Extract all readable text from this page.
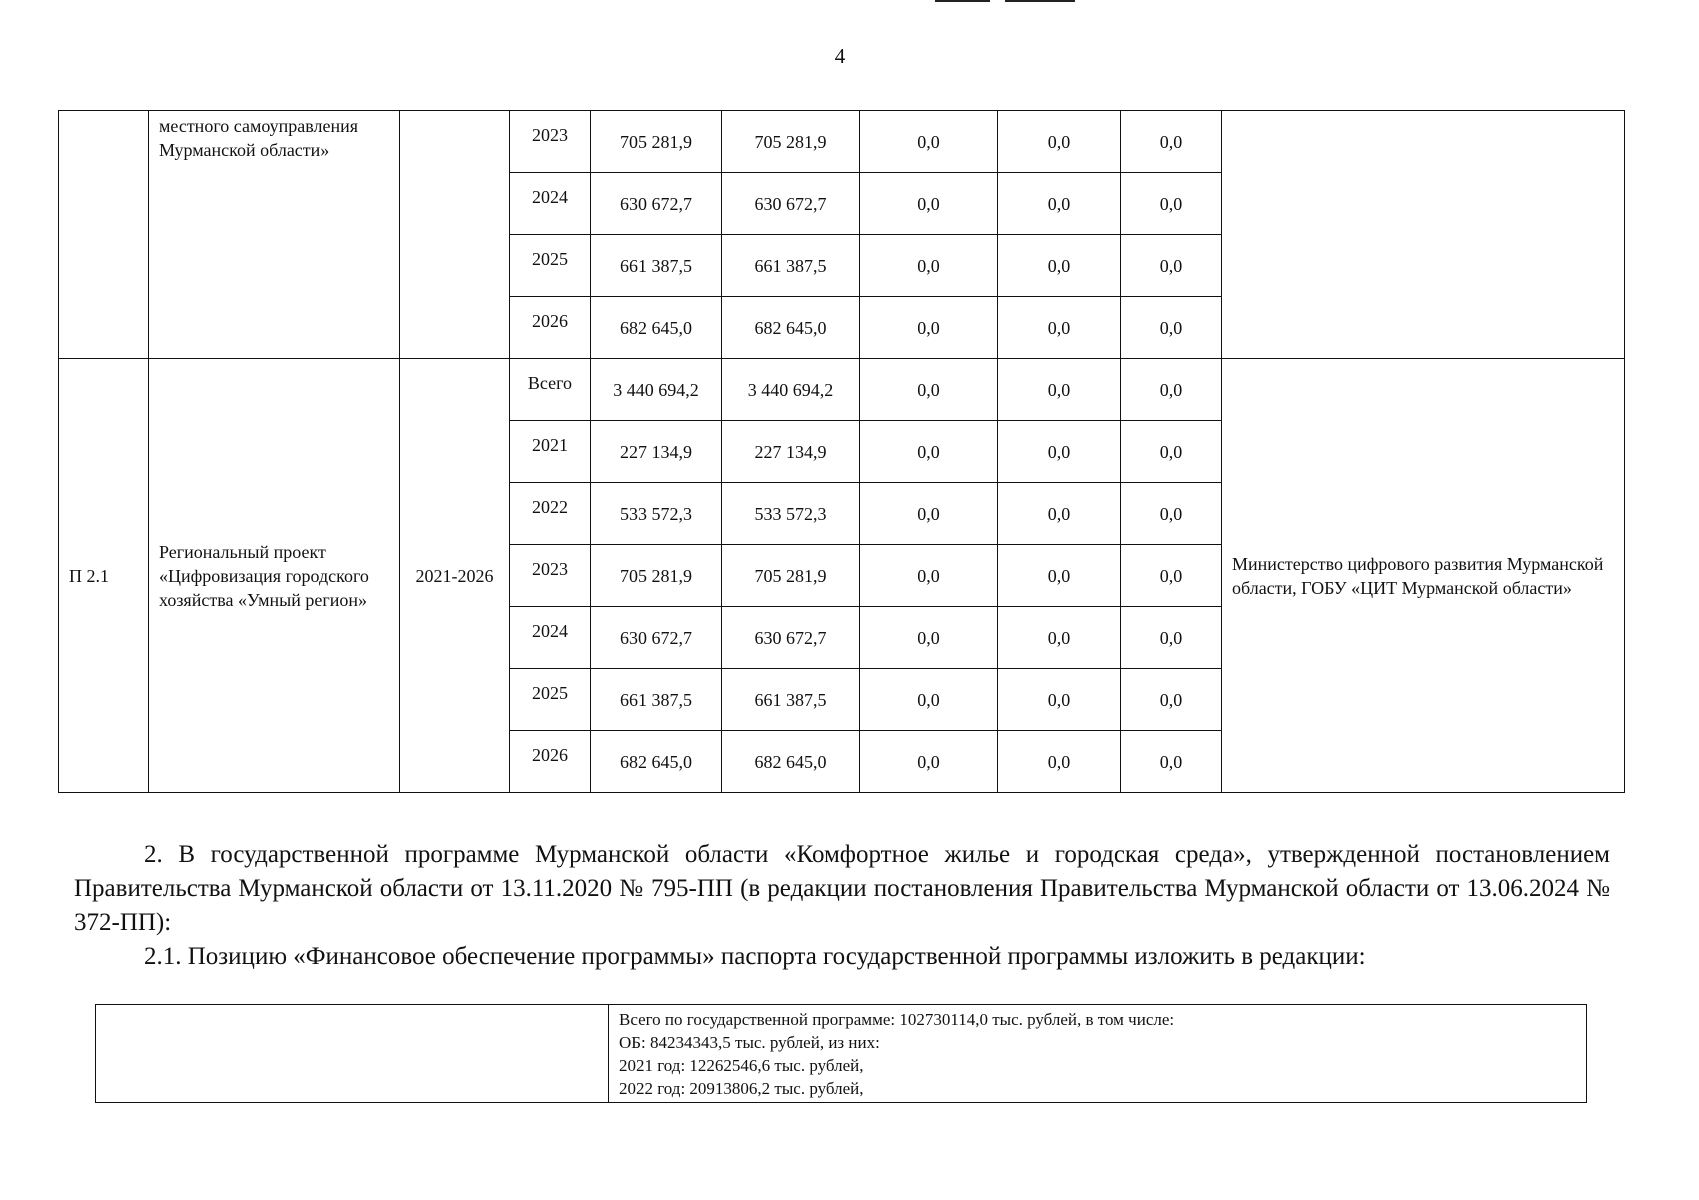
4
	местного самоуправления Мурманской области»		2023	705 281,9	705 281,9	0,0	0,0	0,0	
			2024	630 672,7	630 672,7	0,0	0,0	0,0	
			2025	661 387,5	661 387,5	0,0	0,0	0,0	
			2026	682 645,0	682 645,0	0,0	0,0	0,0	
П 2.1	Региональный проект «Цифровизация городского хозяйства «Умный регион»	2021-2026	Всего	3 440 694,2	3 440 694,2	0,0	0,0	0,0	Министерство цифрового развития Мурманской области, ГОБУ «ЦИТ Мурманской области»
			2021	227 134,9	227 134,9	0,0	0,0	0,0	
			2022	533 572,3	533 572,3	0,0	0,0	0,0	
			2023	705 281,9	705 281,9	0,0	0,0	0,0	
			2024	630 672,7	630 672,7	0,0	0,0	0,0	
			2025	661 387,5	661 387,5	0,0	0,0	0,0	
			2026	682 645,0	682 645,0	0,0	0,0	0,0	

2. В государственной программе Мурманской области «Комфортное жилье и городская среда», утвержденной постановлением Правительства Мурманской области от 13.11.2020 № 795-ПП (в редакции постановления Правительства Мурманской области от 13.06.2024 № 372-ПП):

2.1. Позицию «Финансовое обеспечение программы» паспорта государственной программы изложить в редакции:

Всего по государственной программе: 102730114,0 тыс. рублей, в том числе:
ОБ: 84234343,5 тыс. рублей, из них:
2021 год: 12262546,6 тыс. рублей,
2022 год: 20913806,2 тыс. рублей,
